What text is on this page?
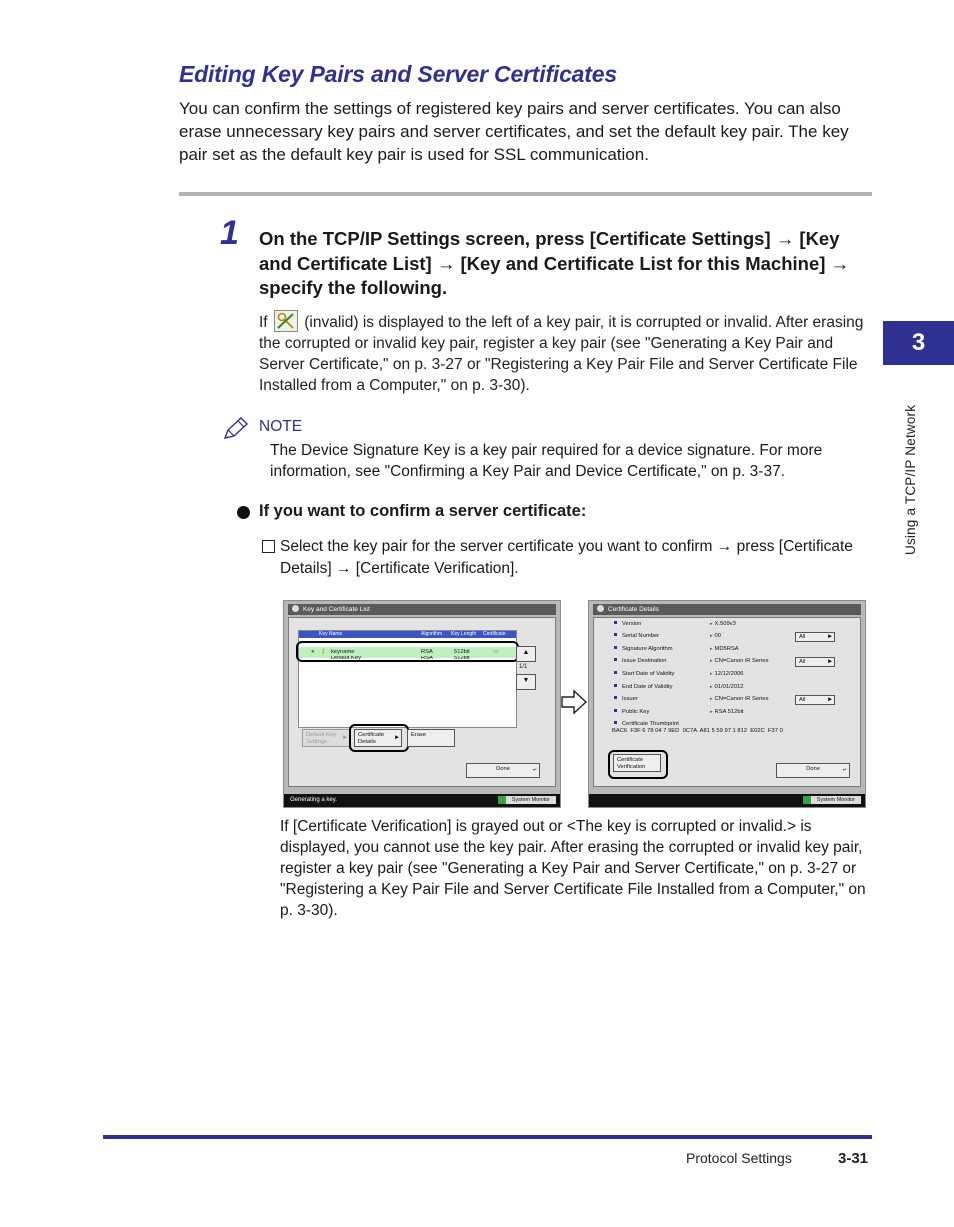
Editing Key Pairs and Server Certificates

You can confirm the settings of registered key pairs and server certificates. You can also erase unnecessary key pairs and server certificates, and set the default key pair. The key pair set as the default key pair is used for SSL communication.

1 On the TCP/IP Settings screen, press [Certificate Settings] → [Key and Certificate List] → [Key and Certificate List for this Machine] → specify the following.

If (invalid) is displayed to the left of a key pair, it is corrupted or invalid. After erasing the corrupted or invalid key pair, register a key pair (see "Generating a Key Pair and Server Certificate," on p. 3-27 or "Registering a Key Pair File and Server Certificate File Installed from a Computer," on p. 3-30).

NOTE

The Device Signature Key is a key pair required for a device signature. For more information, see "Confirming a Key Pair and Device Certificate," on p. 3-37.

If you want to confirm a server certificate:

Select the key pair for the server certificate you want to confirm → press [Certificate Details] → [Certificate Verification].

Key and Certificate List
Generating a key.	System Monitor
Key Name	Algorithm Key Length Certificate
● ⚷ keyname	RSA	512bit	▭
Default Key	RSA	512bit
▲
1/1
▼
Default Key Settings
▶	Certificate Details
▶	Erase
Done	↵
Certificate Details
System Monitor
Version	▸ X.509v3
Serial Number	▸ 00	All	▶
Signature Algorithm	▸ MD5RSA
Issue Destination	▸ CN=Canon iR Series	All	▶
Start Date of Validity	▸ 12/12/2006
End Date of Validity	▸ 01/01/2012
Issuer	▸ CN=Canon iR Series	All	▶
Public Key	▸ RSA 512bit
Certificate Thumbprint
BAC6  F3F 6 78 04 7 9ED  0C7A  A81 5 59 97 1 812  E02C  F37 0
Certificate Verification	Done	↵

If [Certificate Verification] is grayed out or <The key is corrupted or invalid.> is displayed, you cannot use the key pair. After erasing the corrupted or invalid key pair, register a key pair (see "Generating a Key Pair and Server Certificate," on p. 3-27 or "Registering a Key Pair File and Server Certificate File Installed from a Computer," on p. 3-30).

3
Using a TCP/IP Network
Protocol Settings	3-31
